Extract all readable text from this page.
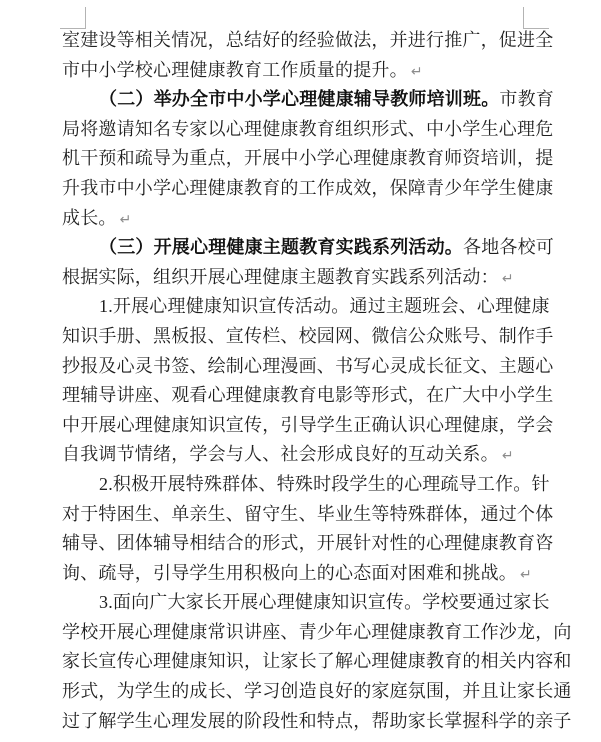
室建设等相关情况，总结好的经验做法，并进行推广，促进全
市中小学校心理健康教育工作质量的提升。 ↵
（二）举办全市中小学心理健康辅导教师培训班。市教育
局将邀请知名专家以心理健康教育组织形式、中小学生心理危
机干预和疏导为重点，开展中小学心理健康教育师资培训，提
升我市中小学心理健康教育的工作成效，保障青少年学生健康
成长。 ↵
（三）开展心理健康主题教育实践系列活动。各地各校可
根据实际，组织开展心理健康主题教育实践系列活动： ↵
1.开展心理健康知识宣传活动。通过主题班会、心理健康
知识手册、黑板报、宣传栏、校园网、微信公众账号、制作手
抄报及心灵书签、绘制心理漫画、书写心灵成长征文、主题心
理辅导讲座、观看心理健康教育电影等形式，在广大中小学生
中开展心理健康知识宣传，引导学生正确认识心理健康，学会
自我调节情绪，学会与人、社会形成良好的互动关系。 ↵
2.积极开展特殊群体、特殊时段学生的心理疏导工作。针
对于特困生、单亲生、留守生、毕业生等特殊群体，通过个体
辅导、团体辅导相结合的形式，开展针对性的心理健康教育咨
询、疏导，引导学生用积极向上的心态面对困难和挑战。 ↵
3.面向广大家长开展心理健康知识宣传。学校要通过家长
学校开展心理健康常识讲座、青少年心理健康教育工作沙龙，向
家长宣传心理健康知识，让家长了解心理健康教育的相关内容和
形式，为学生的成长、学习创造良好的家庭氛围，并且让家长通
过了解学生心理发展的阶段性和特点，帮助家长掌握科学的亲子
